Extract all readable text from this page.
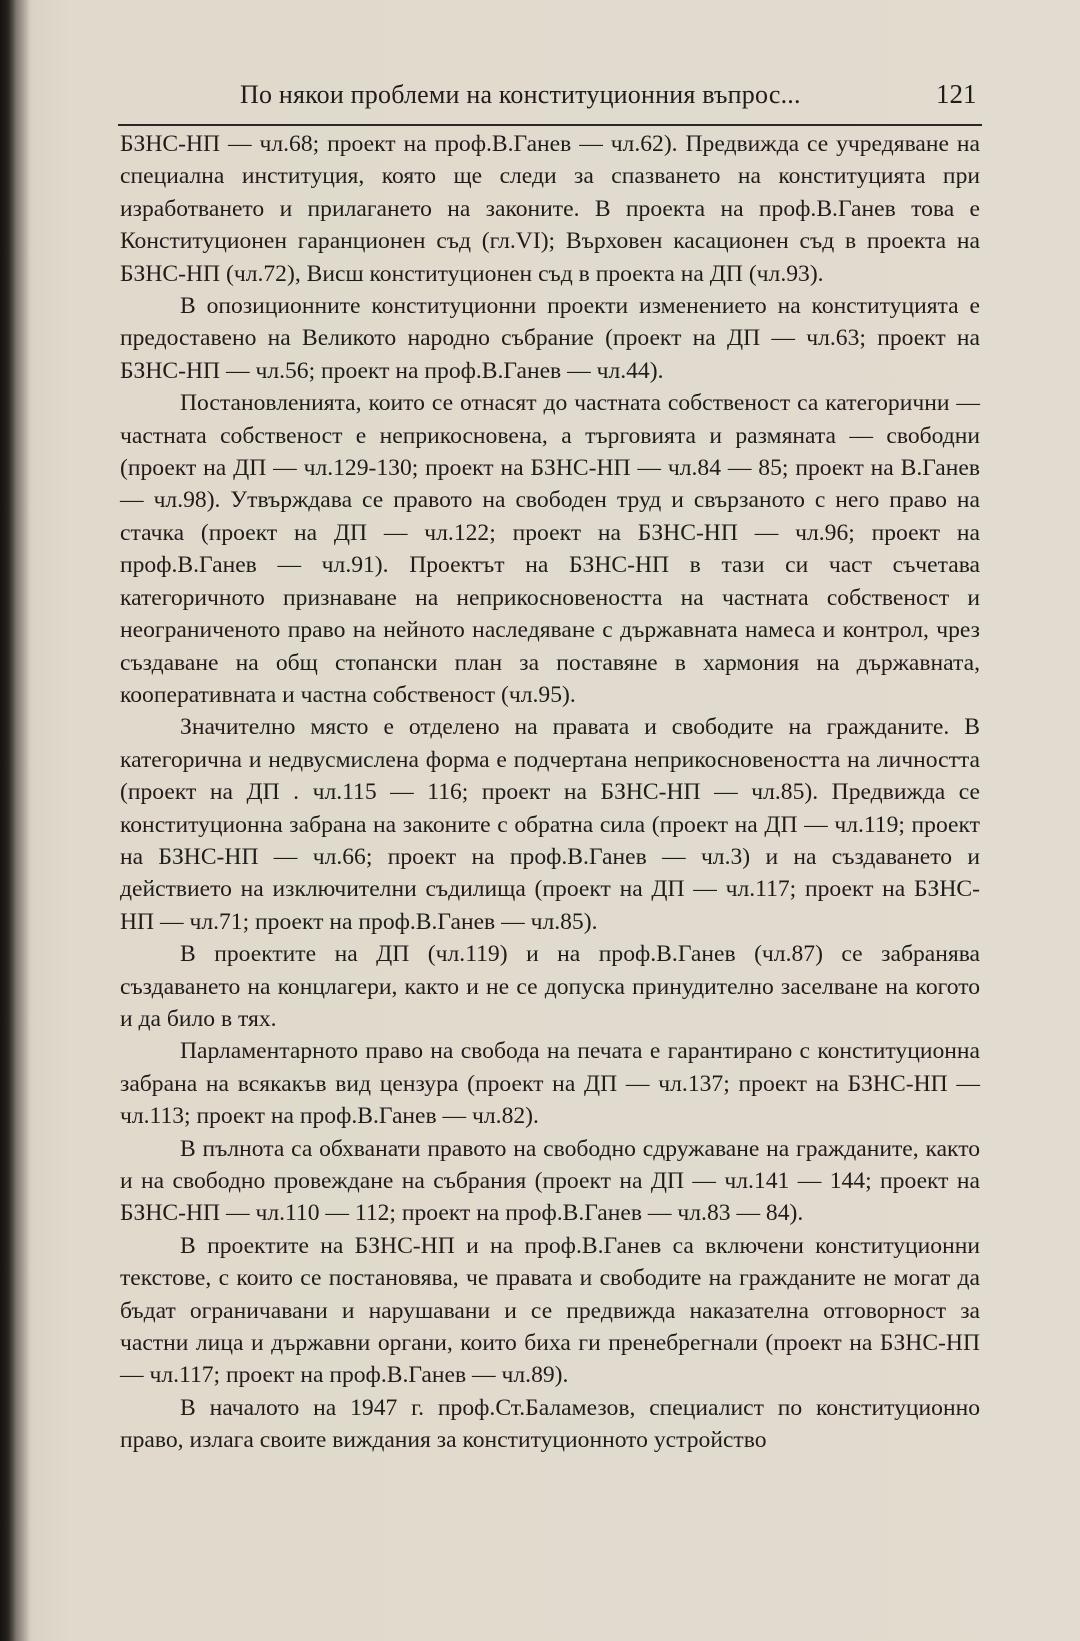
По някои проблеми на конституционния въпрос...	121

БЗНС-НП — чл.68; проект на проф.В.Ганев — чл.62). Предвижда се учредяване на специална институция, която ще следи за спазването на конституцията при изработването и прилагането на законите. В проекта на проф.В.Ганев това е Конституционен гаранционен съд (гл.VI); Върховен касационен съд в проекта на БЗНС-НП (чл.72), Висш конституционен съд в проекта на ДП (чл.93).

В опозиционните конституционни проекти изменението на конституцията е предоставено на Великото народно събрание (проект на ДП — чл.63; проект на БЗНС-НП — чл.56; проект на проф.В.Ганев — чл.44).

Постановленията, които се отнасят до частната собственост са категорични — частната собственост е неприкосновена, а търговията и размяната — свободни (проект на ДП — чл.129-130; проект на БЗНС-НП — чл.84 — 85; проект на В.Ганев — чл.98). Утвърждава се правото на свободен труд и свързаното с него право на стачка (проект на ДП — чл.122; проект на БЗНС-НП — чл.96; проект на проф.В.Ганев — чл.91). Проектът на БЗНС-НП в тази си част съчетава категоричното признаване на неприкосновеността на частната собственост и неограниченото право на нейното наследяване с държавната намеса и контрол, чрез създаване на общ стопански план за поставяне в хармония на държавната, кооперативната и частна собственост (чл.95).

Значително място е отделено на правата и свободите на гражданите. В категорична и недвусмислена форма е подчертана неприкосновеността на личността (проект на ДП . чл.115 — 116; проект на БЗНС-НП — чл.85). Предвижда се конституционна забрана на законите с обратна сила (проект на ДП — чл.119; проект на БЗНС-НП — чл.66; проект на проф.В.Ганев — чл.3) и на създаването и действието на изключителни съдилища (проект на ДП — чл.117; проект на БЗНС-НП — чл.71; проект на проф.В.Ганев — чл.85).

В проектите на ДП (чл.119) и на проф.В.Ганев (чл.87) се забранява създаването на концлагери, както и не се допуска принудително заселване на когото и да било в тях.

Парламентарното право на свобода на печата е гарантирано с конституционна забрана на всякакъв вид цензура (проект на ДП — чл.137; проект на БЗНС-НП — чл.113; проект на проф.В.Ганев — чл.82).

В пълнота са обхванати правото на свободно сдружаване на гражданите, както и на свободно провеждане на събрания (проект на ДП — чл.141 — 144; проект на БЗНС-НП — чл.110 — 112; проект на проф.В.Ганев — чл.83 — 84).

В проектите на БЗНС-НП и на проф.В.Ганев са включени конституционни текстове, с които се постановява, че правата и свободите на гражданите не могат да бъдат ограничавани и нарушавани и се предвижда наказателна отговорност за частни лица и държавни органи, които биха ги пренебрегнали (проект на БЗНС-НП — чл.117; проект на проф.В.Ганев — чл.89).

В началото на 1947 г. проф.Ст.Баламезов, специалист по конституционно право, излага своите виждания за конституционното устройство
